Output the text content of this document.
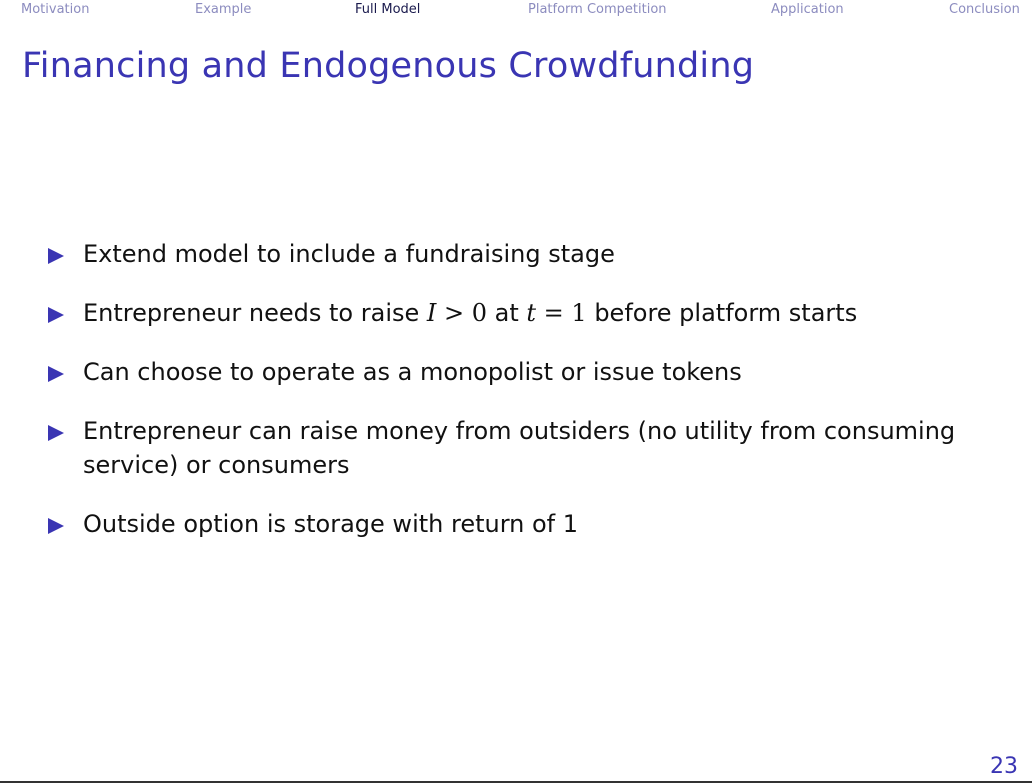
Motivation	Example	Full Model	Platform Competition	Application	Conclusion
Financing and Endogenous Crowdfunding
Extend model to include a fundraising stage
Entrepreneur needs to raise I > 0 at t = 1 before platform starts
Can choose to operate as a monopolist or issue tokens
Entrepreneur can raise money from outsiders (no utility from consuming service) or consumers
Outside option is storage with return of 1
23
